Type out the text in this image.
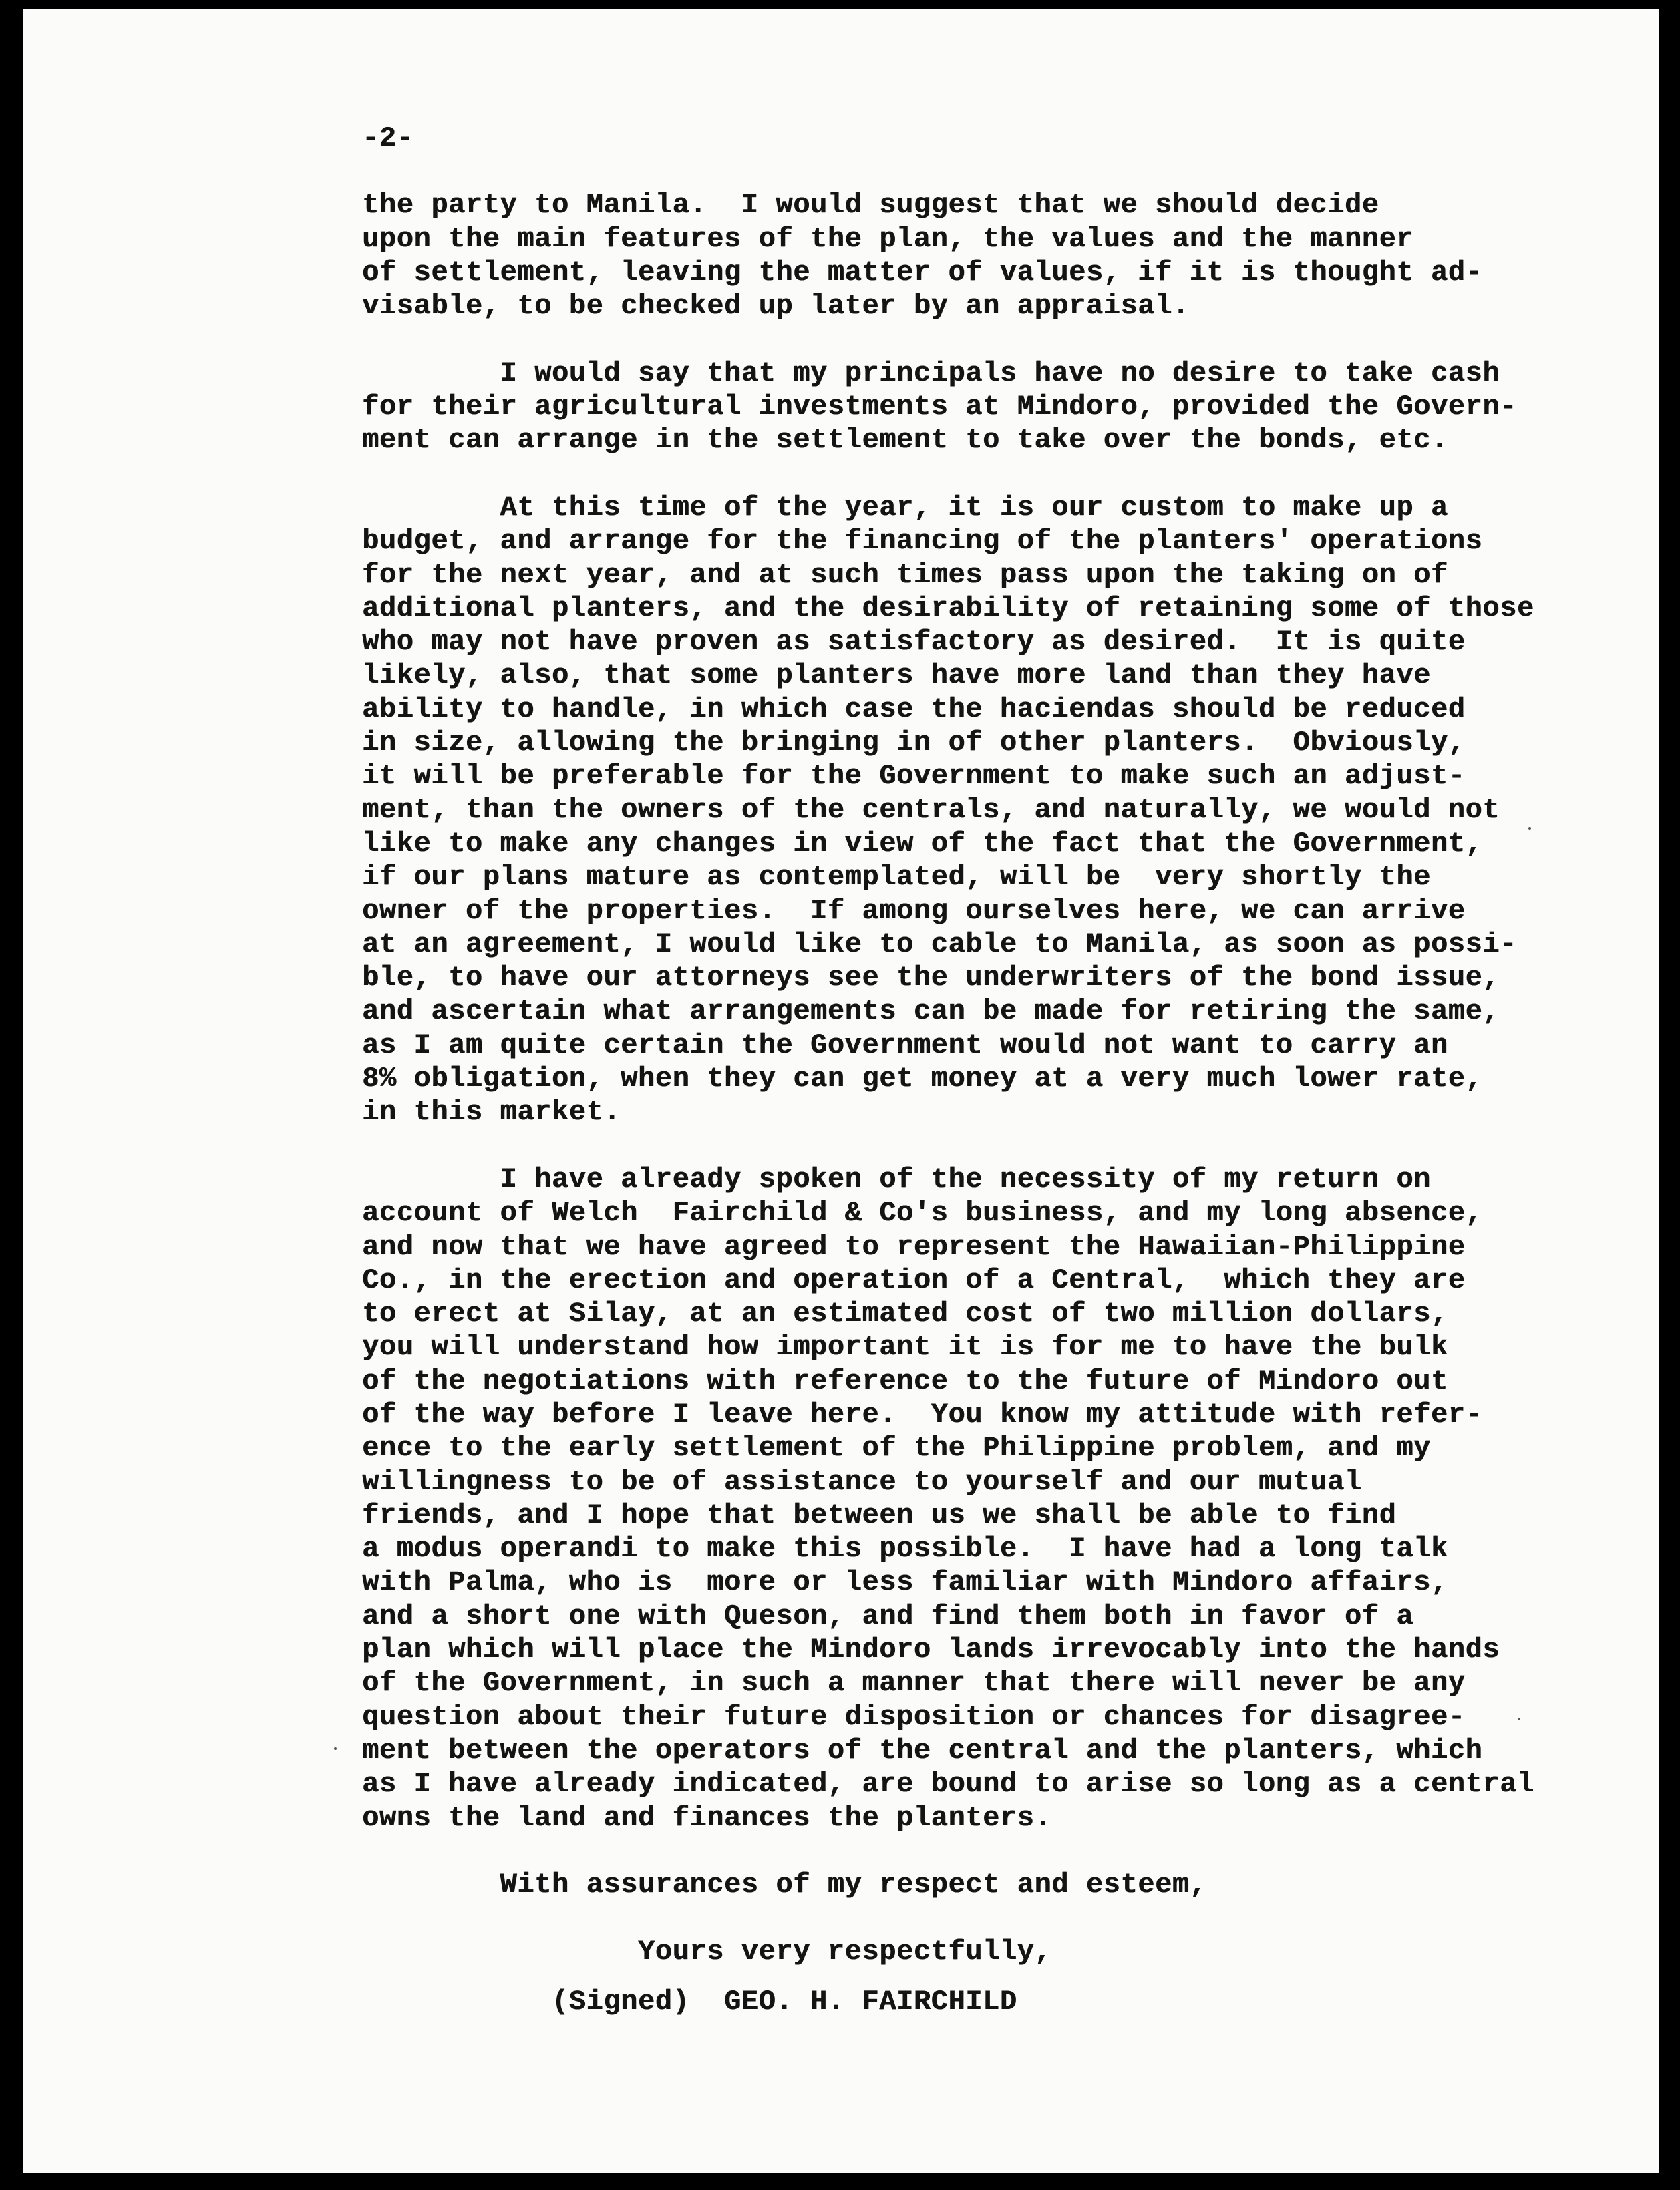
-2-
the party to Manila.  I would suggest that we should decide
upon the main features of the plan, the values and the manner
of settlement, leaving the matter of values, if it is thought ad-
visable, to be checked up later by an appraisal.
I would say that my principals have no desire to take cash
for their agricultural investments at Mindoro, provided the Govern-
ment can arrange in the settlement to take over the bonds, etc.
At this time of the year, it is our custom to make up a
budget, and arrange for the financing of the planters' operations
for the next year, and at such times pass upon the taking on of
additional planters, and the desirability of retaining some of those
who may not have proven as satisfactory as desired.  It is quite
likely, also, that some planters have more land than they have
ability to handle, in which case the haciendas should be reduced
in size, allowing the bringing in of other planters.  Obviously,
it will be preferable for the Government to make such an adjust-
ment, than the owners of the centrals, and naturally, we would not
like to make any changes in view of the fact that the Government,
if our plans mature as contemplated, will be  very shortly the
owner of the properties.  If among ourselves here, we can arrive
at an agreement, I would like to cable to Manila, as soon as possi-
ble, to have our attorneys see the underwriters of the bond issue,
and ascertain what arrangements can be made for retiring the same,
as I am quite certain the Government would not want to carry an
8% obligation, when they can get money at a very much lower rate,
in this market.
I have already spoken of the necessity of my return on
account of Welch  Fairchild & Co's business, and my long absence,
and now that we have agreed to represent the Hawaiian-Philippine
Co., in the erection and operation of a Central,  which they are
to erect at Silay, at an estimated cost of two million dollars,
you will understand how important it is for me to have the bulk
of the negotiations with reference to the future of Mindoro out
of the way before I leave here.  You know my attitude with refer-
ence to the early settlement of the Philippine problem, and my
willingness to be of assistance to yourself and our mutual
friends, and I hope that between us we shall be able to find
a modus operandi to make this possible.  I have had a long talk
with Palma, who is  more or less familiar with Mindoro affairs,
and a short one with Queson, and find them both in favor of a
plan which will place the Mindoro lands irrevocably into the hands
of the Government, in such a manner that there will never be any
question about their future disposition or chances for disagree-
ment between the operators of the central and the planters, which
as I have already indicated, are bound to arise so long as a central
owns the land and finances the planters.
With assurances of my respect and esteem,
Yours very respectfully,
(Signed)  GEO. H. FAIRCHILD
